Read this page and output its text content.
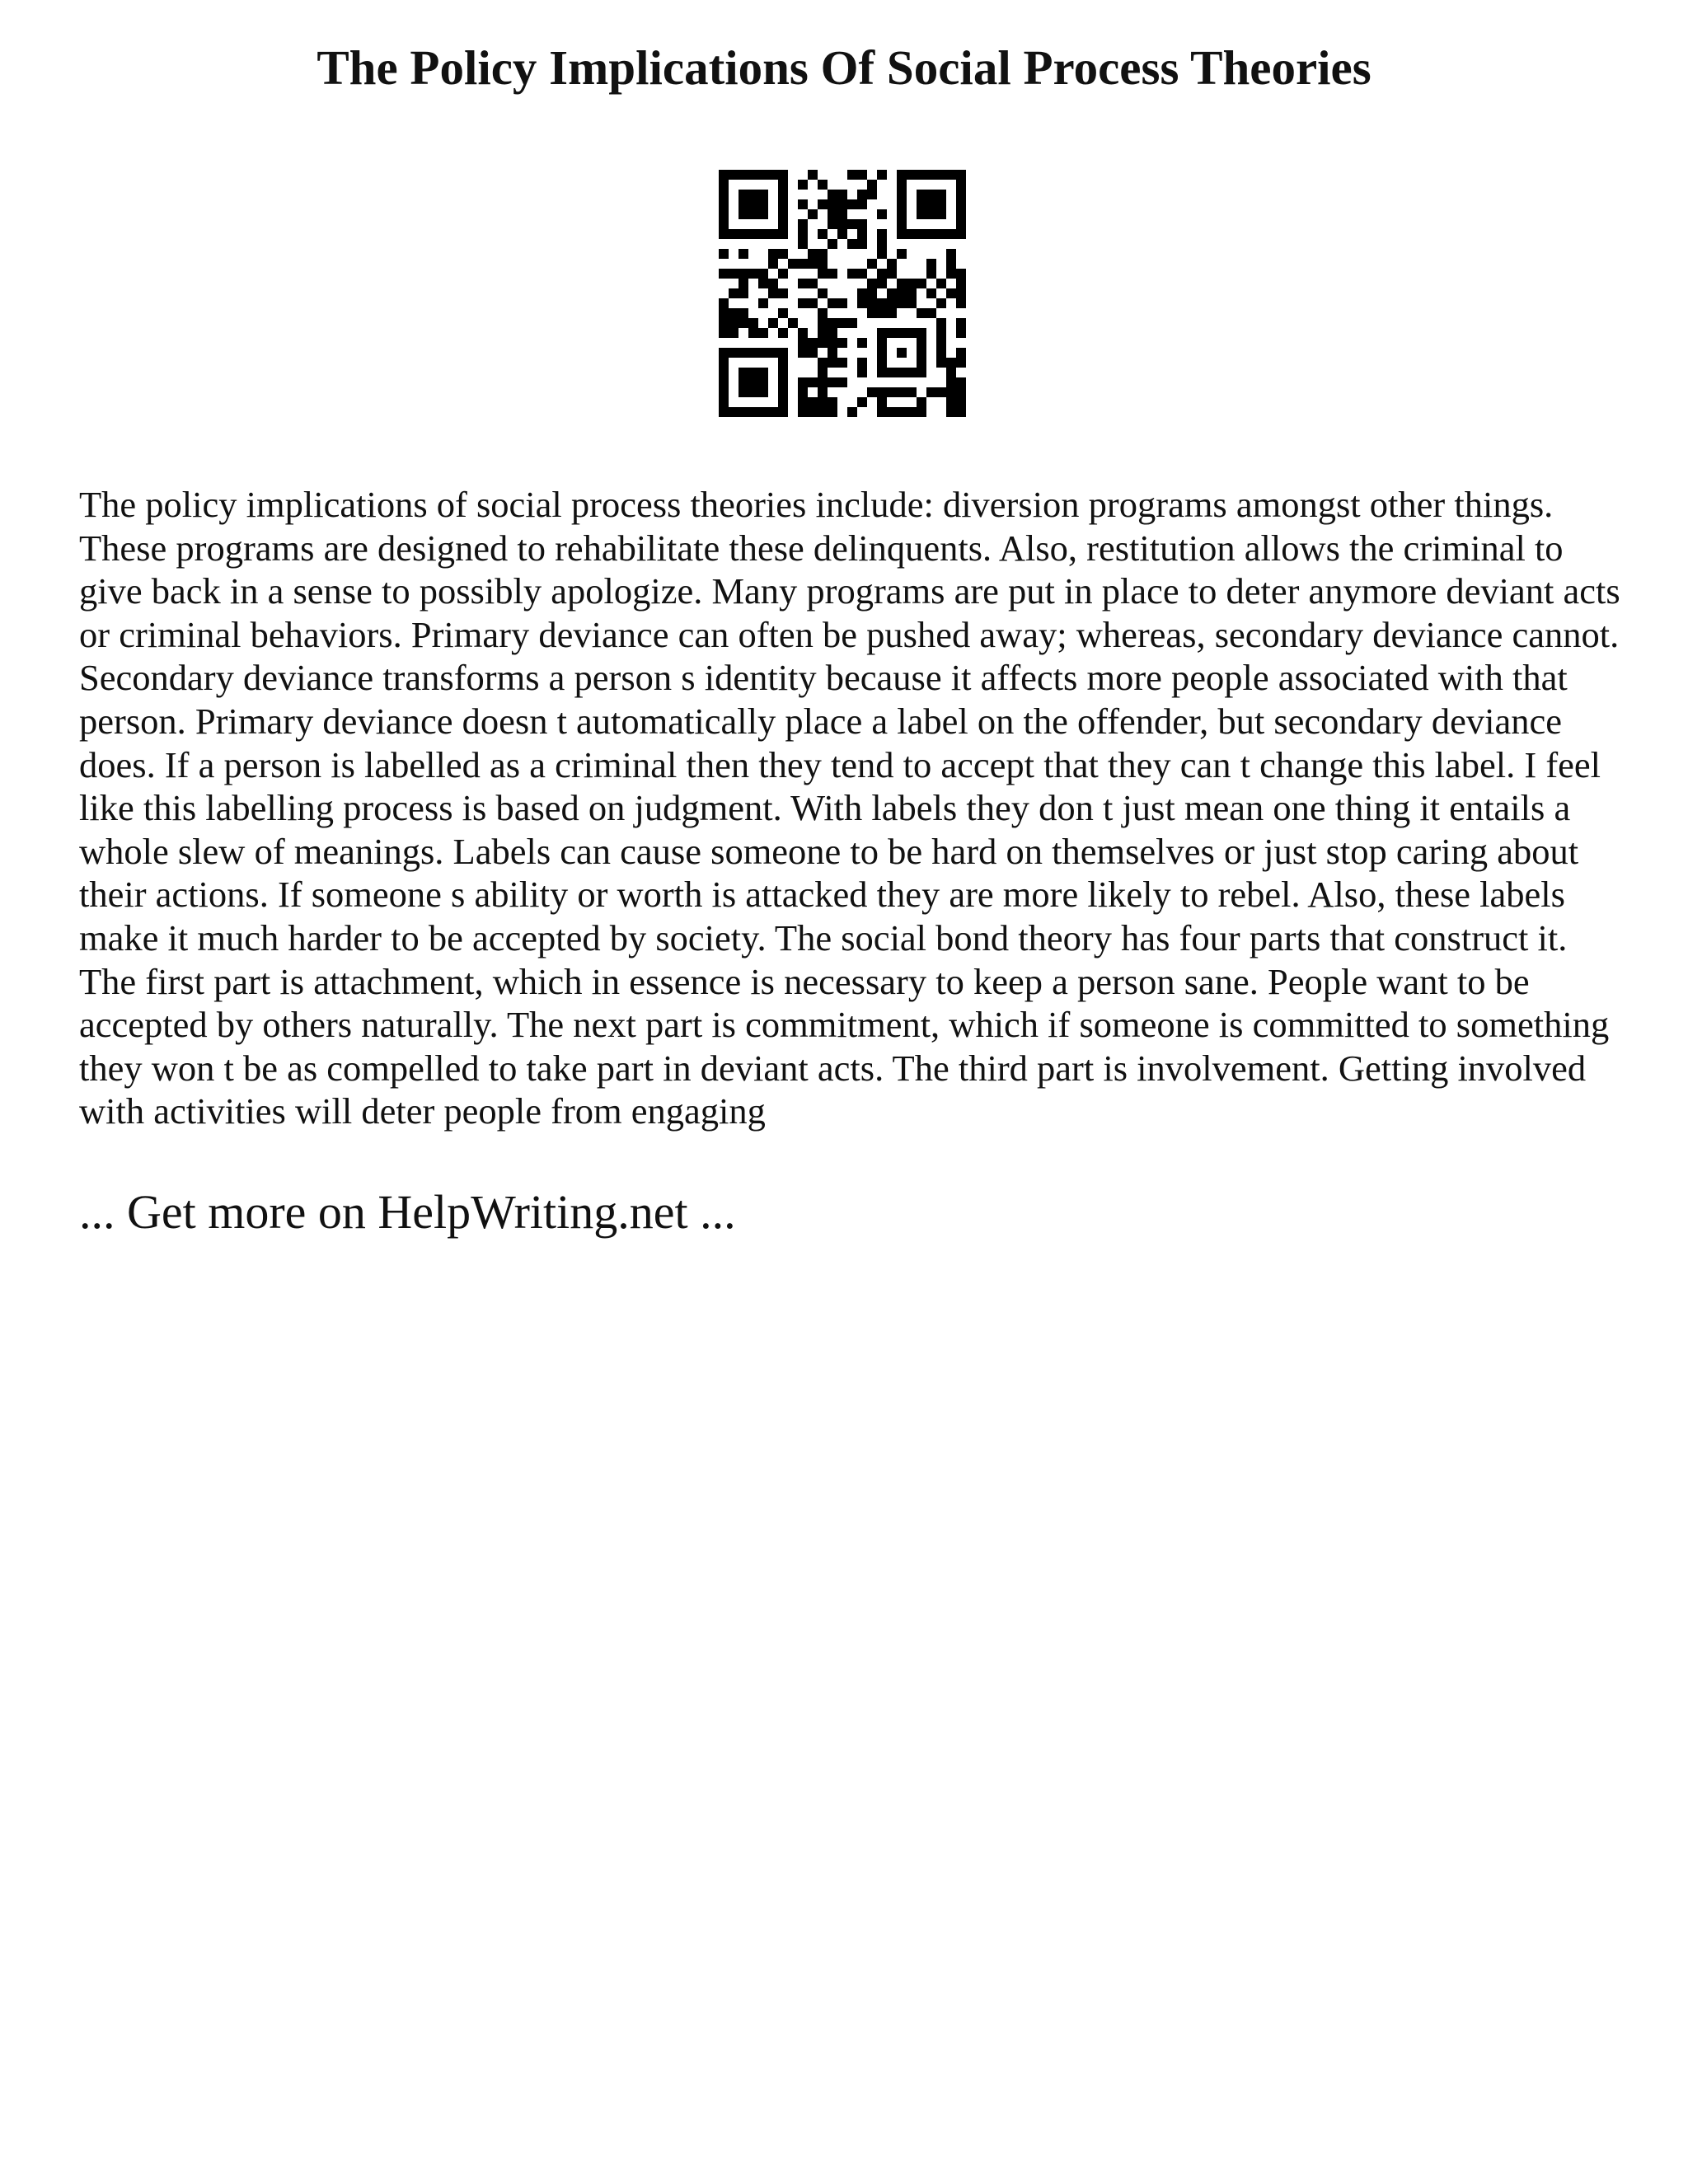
The Policy Implications Of Social Process Theories

The policy implications of social process theories include: diversion programs amongst other things. These programs are designed to rehabilitate these delinquents. Also, restitution allows the criminal to give back in a sense to possibly apologize. Many programs are put in place to deter anymore deviant acts or criminal behaviors. Primary deviance can often be pushed away; whereas, secondary deviance cannot. Secondary deviance transforms a person s identity because it affects more people associated with that person. Primary deviance doesn t automatically place a label on the offender, but secondary deviance does. If a person is labelled as a criminal then they tend to accept that they can t change this label. I feel like this labelling process is based on judgment. With labels they don t just mean one thing it entails a whole slew of meanings. Labels can cause someone to be hard on themselves or just stop caring about their actions. If someone s ability or worth is attacked they are more likely to rebel. Also, these labels make it much harder to be accepted by society. The social bond theory has four parts that construct it. The first part is attachment, which in essence is necessary to keep a person sane. People want to be accepted by others naturally. The next part is commitment, which if someone is committed to something they won t be as compelled to take part in deviant acts. The third part is involvement. Getting involved with activities will deter people from engaging

... Get more on HelpWriting.net ...
